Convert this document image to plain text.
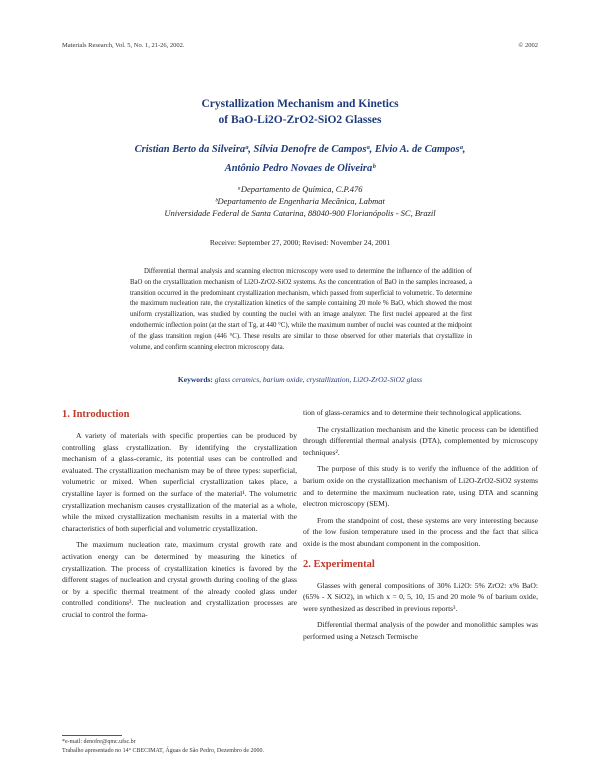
Materials Research, Vol. 5, No. 1, 21-26, 2002.	© 2002
Crystallization Mechanism and Kinetics
of BaO-Li2O-ZrO2-SiO2 Glasses
Cristian Berto da Silveiraᵃ, Sílvia Denofre de Camposᵃ, Elvio A. de Camposᵃ,
Antônio Pedro Novaes de Oliveiraᵇ
ᵃDepartamento de Química, C.P.476
ᵇDepartamento de Engenharia Mecânica, Labmat
Universidade Federal de Santa Catarina, 88040-900 Florianópolis - SC, Brazil
Receive: September 27, 2000; Revised: November 24, 2001
Differential thermal analysis and scanning electron microscopy were used to determine the influence of the addition of BaO on the crystallization mechanism of Li2O-ZrO2-SiO2 systems. As the concentration of BaO in the samples increased, a transition occurred in the predominant crystallization mechanism, which passed from superficial to volumetric. To determine the maximum nucleation rate, the crystallization kinetics of the sample containing 20 mole % BaO, which showed the most uniform crystallization, was studied by counting the nuclei with an image analyzer. The first nuclei appeared at the first endothermic inflection point (at the start of Tg, at 440 °C), while the maximum number of nuclei was counted at the midpoint of the glass transition region (446 °C). These results are similar to those observed for other materials that crystallize in volume, and confirm scanning electron microscopy data.
Keywords: glass ceramics, barium oxide, crystallization, Li2O-ZrO2-SiO2 glass
1. Introduction

A variety of materials with specific properties can be produced by controlling glass crystallization. By identifying the crystallization mechanism of a glass-ceramic, its potential uses can be controlled and evaluated. The crystallization mechanism may be of three types: superficial, volumetric or mixed. When superficial crystallization takes place, a crystalline layer is formed on the surface of the material¹. The volumetric crystallization mechanism causes crystallization of the material as a whole, while the mixed crystallization mechanism results in a material with the characteristics of both superficial and volumetric crystallization.

The maximum nucleation rate, maximum crystal growth rate and activation energy can be determined by measuring the kinetics of crystallization. The process of crystallization kinetics is favored by the different stages of nucleation and crystal growth during cooling of the glass or by a specific thermal treatment of the already cooled glass under controlled conditions². The nucleation and crystallization processes are crucial to control the forma-

tion of glass-ceramics and to determine their technological applications.

The crystallization mechanism and the kinetic process can be identified through differential thermal analysis (DTA), complemented by microscopy techniques².

The purpose of this study is to verify the influence of the addition of barium oxide on the crystallization mechanism of Li2O-ZrO2-SiO2 systems and to determine the maximum nucleation rate, using DTA and scanning electron microscopy (SEM).

From the standpoint of cost, these systems are very interesting because of the low fusion temperature used in the process and the fact that silica oxide is the most abundant component in the composition.

2. Experimental

Glasses with general compositions of 30% Li2O: 5% ZrO2: x% BaO: (65% - X SiO2), in which x = 0, 5, 10, 15 and 20 mole % of barium oxide, were synthesized as described in previous reports³.

Differential thermal analysis of the powder and monolithic samples was performed using a Netzsch Termische

*e-mail: denofre@qmc.ufsc.br
Trabalho apresentado no 14° CBECIMAT, Águas de São Pedro, Dezembro de 2000.
